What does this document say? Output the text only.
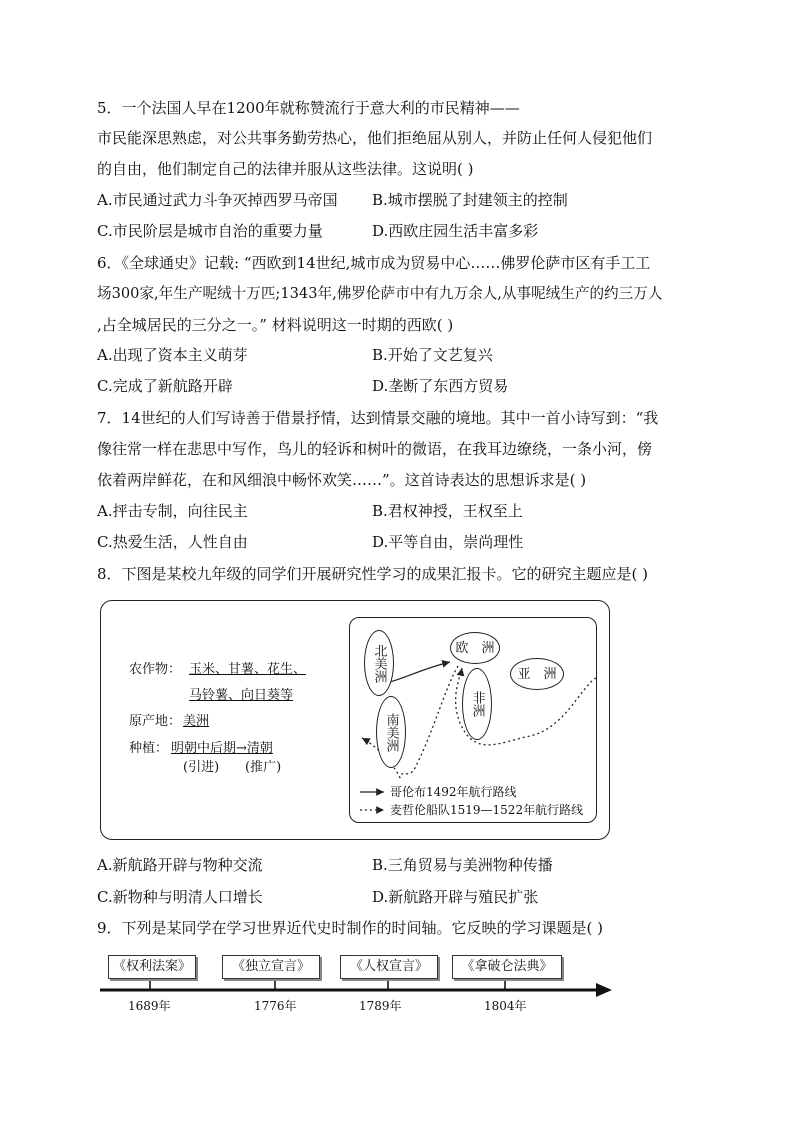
5．一个法国人早在1200年就称赞流行于意大利的市民精神——
市民能深思熟虑，对公共事务勤劳热心，他们拒绝屈从别人，并防止任何人侵犯他们
的自由，他们制定自己的法律并服从这些法律。这说明( )
A.市民通过武力斗争灭掉西罗马帝国 B.城市摆脱了封建领主的控制
C.市民阶层是城市自治的重要力量	D.西欧庄园生活丰富多彩
6．《全球通史》记载: “西欧到14世纪,城市成为贸易中心……佛罗伦萨市区有手工工
场300家,年生产呢绒十万匹;1343年,佛罗伦萨市中有九万余人,从事呢绒生产的约三万人
,占全城居民的三分之一。” 材料说明这一时期的西欧( )
A.出现了资本主义萌芽	B.开始了文艺复兴
C.完成了新航路开辟	D.垄断了东西方贸易
7．14世纪的人们写诗善于借景抒情，达到情景交融的境地。其中一首小诗写到：“我
像往常一样在悲思中写作，鸟儿的轻诉和树叶的微语，在我耳边缭绕，一条小河，傍
依着两岸鲜花，在和风细浪中畅怀欢笑……”。这首诗表达的思想诉求是( )
A.抨击专制，向往民主	B.君权神授，王权至上
C.热爱生活，人性自由	D.平等自由，崇尚理性
8．下图是某校九年级的同学们开展研究性学习的成果汇报卡。它的研究主题应是( )
农作物： 玉米、甘薯、花生、
马铃薯、向日葵等
原产地： 美洲
种植： 明朝中后期→清朝
(引进) (推广)
北美洲
南美洲
欧　洲
非洲
亚　洲
哥伦布1492年航行路线
麦哲伦船队1519—1522年航行路线
A.新航路开辟与物种交流	B.三角贸易与美洲物种传播
C.新物种与明清人口增长	D.新航路开辟与殖民扩张
9．下列是某同学在学习世界近代史时制作的时间轴。它反映的学习课题是( )
《权利法案》	《独立宣言》	《人权宣言》	《拿破仑法典》
1689年	1776年	1789年	1804年
